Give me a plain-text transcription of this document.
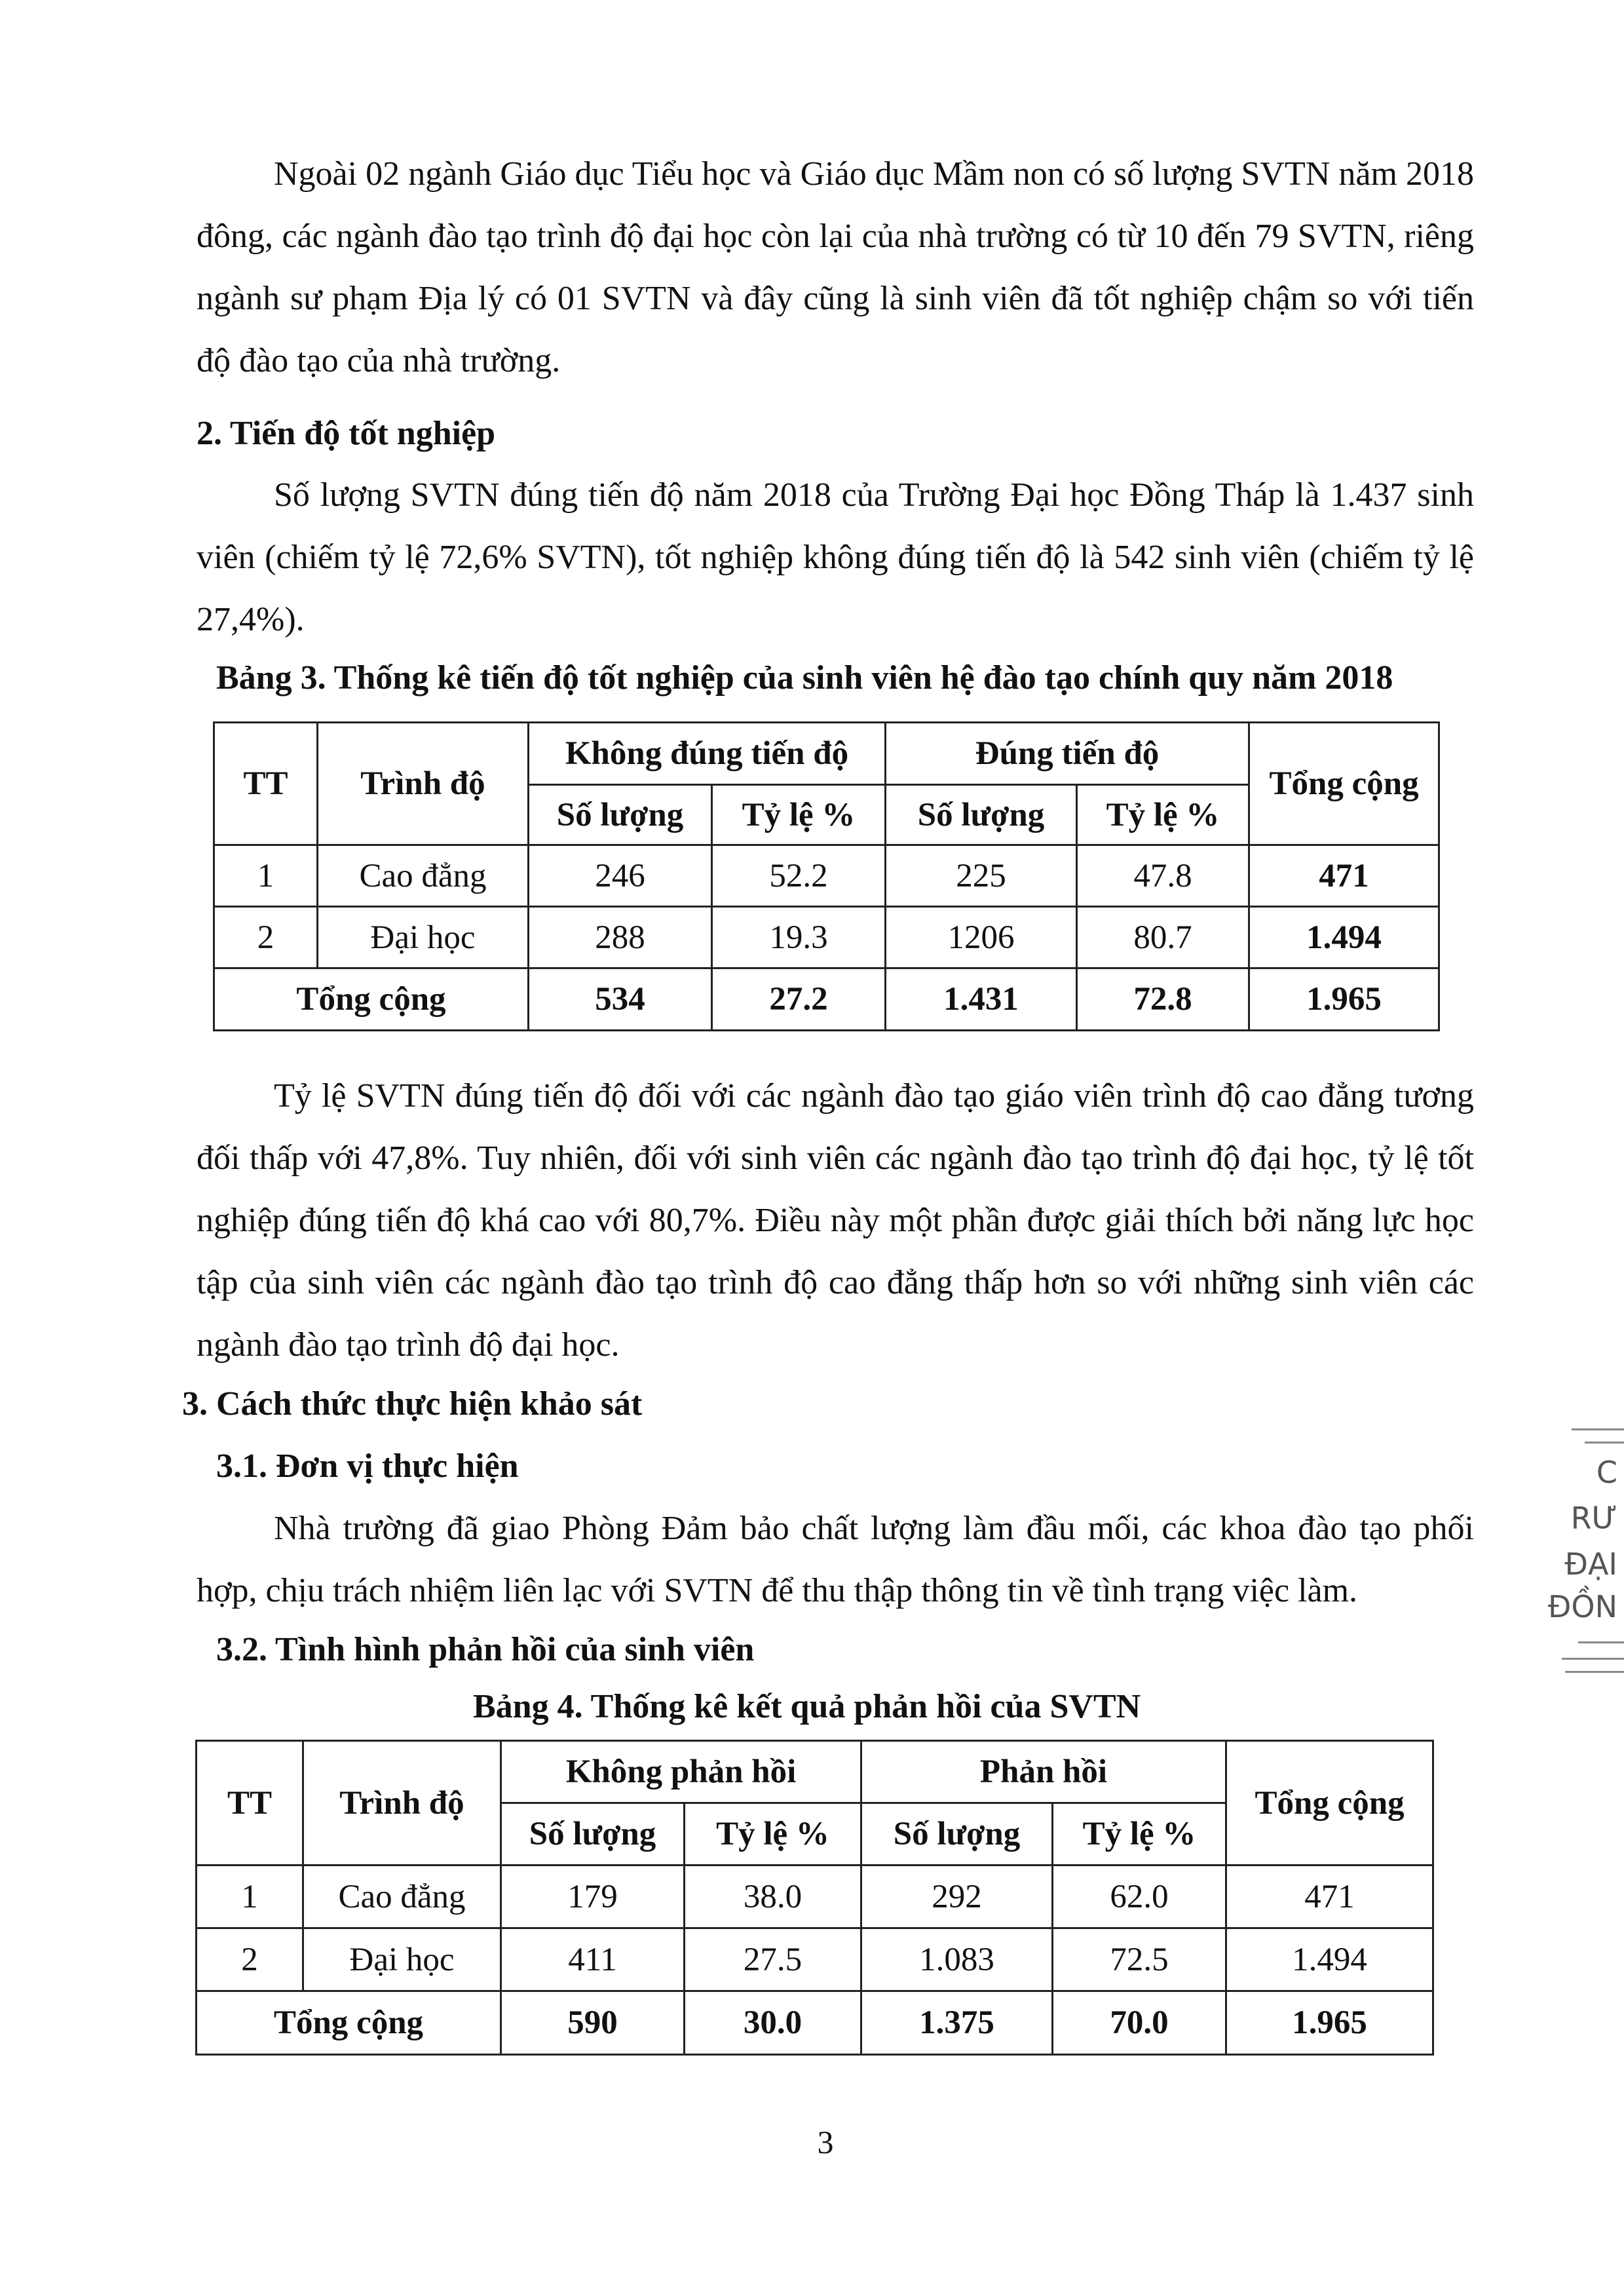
Ngoài 02 ngành Giáo dục Tiểu học và Giáo dục Mầm non có số lượng SVTN năm 2018 đông, các ngành đào tạo trình độ đại học còn lại của nhà trường có từ 10 đến 79 SVTN, riêng ngành sư phạm Địa lý có 01 SVTN và đây cũng là sinh viên đã tốt nghiệp chậm so với tiến độ đào tạo của nhà trường.

2. Tiến độ tốt nghiệp

Số lượng SVTN đúng tiến độ năm 2018 của Trường Đại học Đồng Tháp là 1.437 sinh viên (chiếm tỷ lệ 72,6% SVTN), tốt nghiệp không đúng tiến độ là 542 sinh viên (chiếm tỷ lệ 27,4%).

Bảng 3. Thống kê tiến độ tốt nghiệp của sinh viên hệ đào tạo chính quy năm 2018

TT	Trình độ	Không đúng tiến độ		Đúng tiến độ		Tổng cộng
		Số lượng	Tỷ lệ %	Số lượng	Tỷ lệ %	
1	Cao đẳng	246	52.2	225	47.8	471
2	Đại học	288	19.3	1206	80.7	1.494
Tổng cộng		534	27.2	1.431	72.8	1.965

Tỷ lệ SVTN đúng tiến độ đối với các ngành đào tạo giáo viên trình độ cao đẳng tương đối thấp với 47,8%. Tuy nhiên, đối với sinh viên các ngành đào tạo trình độ đại học, tỷ lệ tốt nghiệp đúng tiến độ khá cao với 80,7%. Điều này một phần được giải thích bởi năng lực học tập của sinh viên các ngành đào tạo trình độ cao đẳng thấp hơn so với những sinh viên các ngành đào tạo trình độ đại học.

3. Cách thức thực hiện khảo sát

3.1. Đơn vị thực hiện

Nhà trường đã giao Phòng Đảm bảo chất lượng làm đầu mối, các khoa đào tạo phối hợp, chịu trách nhiệm liên lạc với SVTN để thu thập thông tin về tình trạng việc làm.

3.2. Tình hình phản hồi của sinh viên

Bảng 4. Thống kê kết quả phản hồi của SVTN

TT	Trình độ	Không phản hồi		Phản hồi		Tổng cộng
		Số lượng	Tỷ lệ %	Số lượng	Tỷ lệ %	
1	Cao đẳng	179	38.0	292	62.0	471
2	Đại học	411	27.5	1.083	72.5	1.494
Tổng cộng		590	30.0	1.375	70.0	1.965
3
C
RƯ
ĐẠI
ĐỒN
